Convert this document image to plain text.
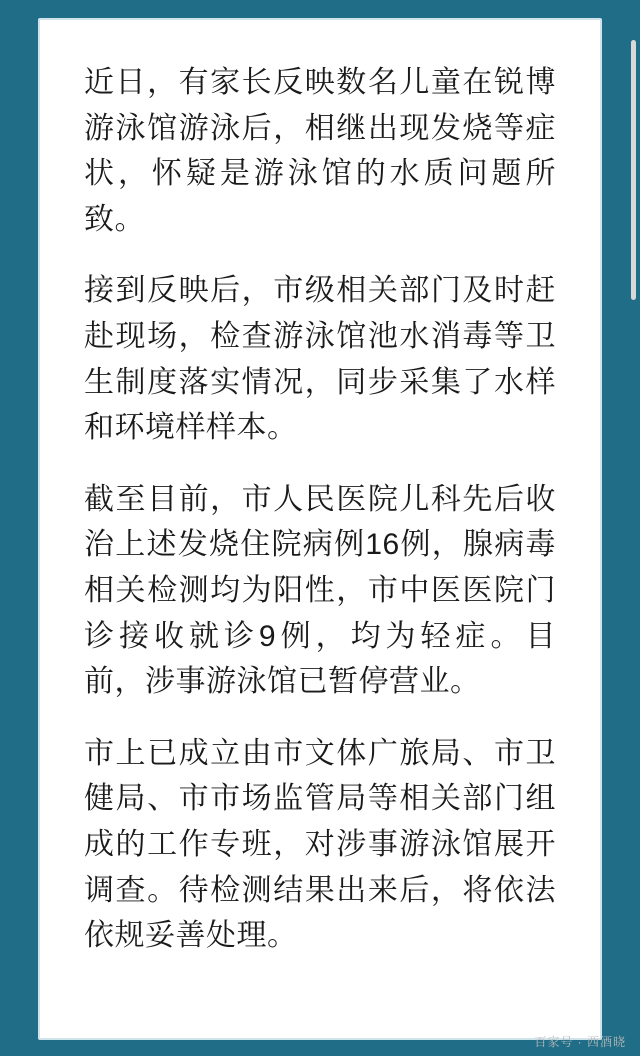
近日，有家长反映数名儿童在锐博游泳馆游泳后，相继出现发烧等症状，怀疑是游泳馆的水质问题所致。

接到反映后，市级相关部门及时赶赴现场，检查游泳馆池水消毒等卫生制度落实情况，同步采集了水样和环境样样本。

截至目前，市人民医院儿科先后收治上述发烧住院病例16例，腺病毒相关检测均为阳性，市中医医院门诊接收就诊9例，均为轻症。目前，涉事游泳馆已暂停营业。

市上已成立由市文体广旅局、市卫健局、市市场监管局等相关部门组成的工作专班，对涉事游泳馆展开调查。待检测结果出来后，将依法依规妥善处理。

百家号 · 西酒晓
